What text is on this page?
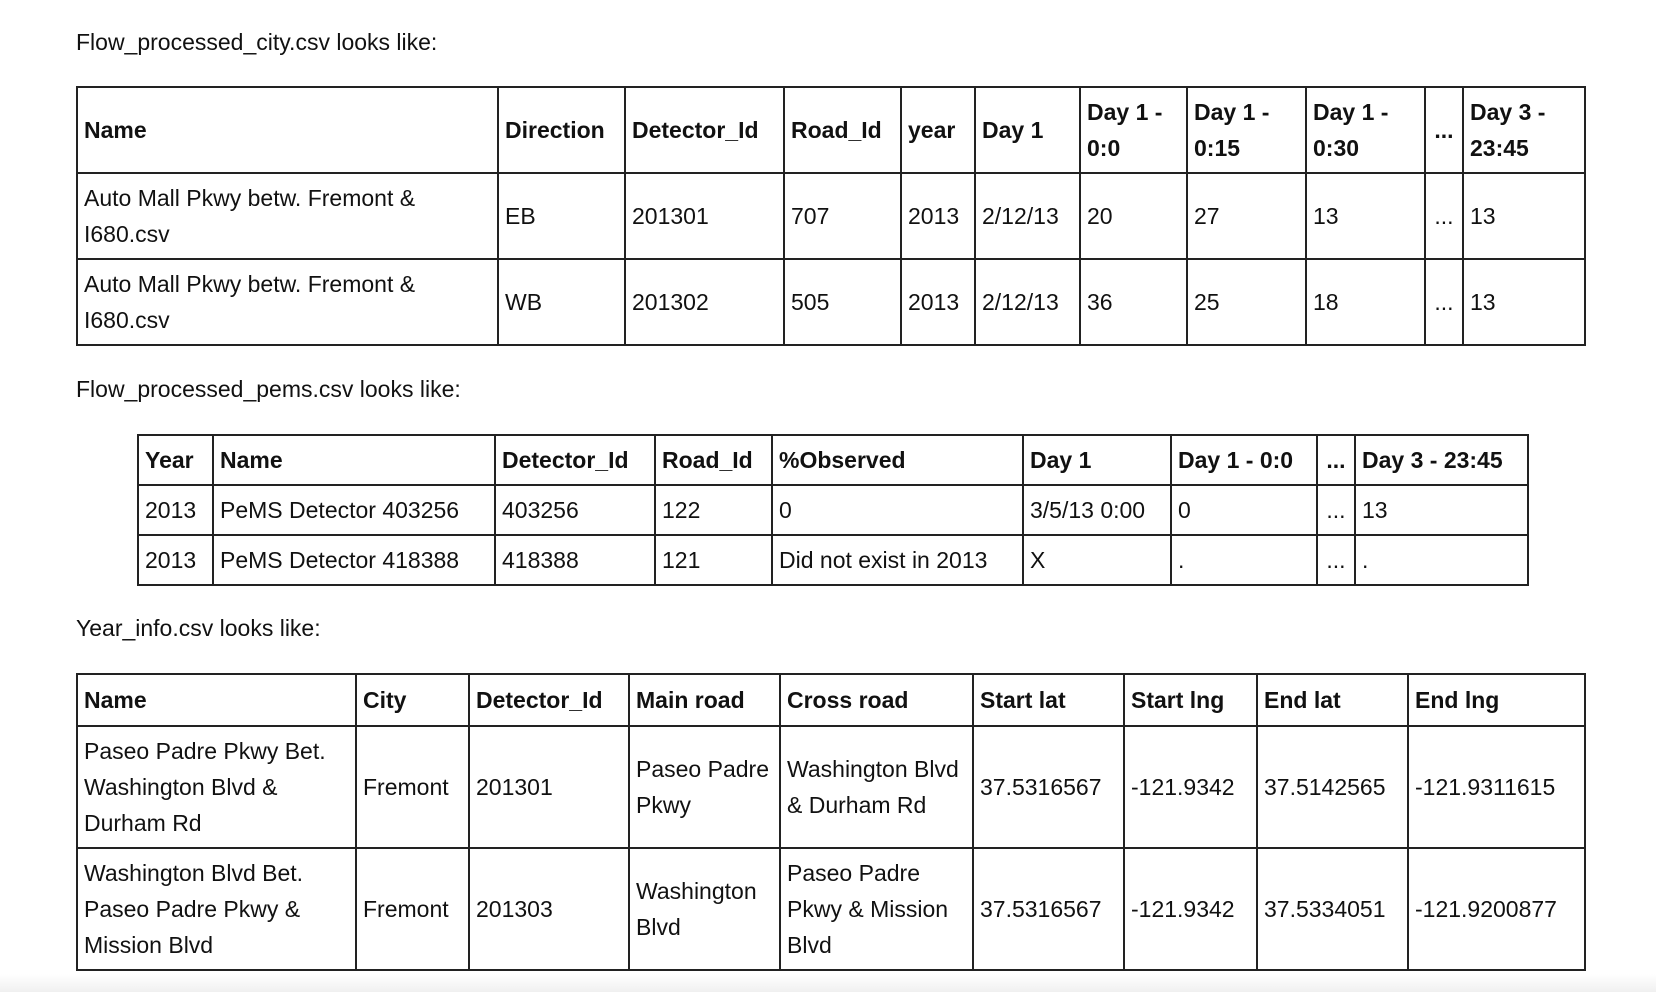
Flow_processed_city.csv looks like:
Name	Direction	Detector_Id	Road_Id	year	Day 1	Day 1 - 0:0	Day 1 - 0:15	Day 1 - 0:30	...	Day 3 - 23:45
Auto Mall Pkwy betw. Fremont & I680.csv	EB	201301	707	2013	2/12/13	20	27	13	...	13
Auto Mall Pkwy betw. Fremont & I680.csv	WB	201302	505	2013	2/12/13	36	25	18	...	13
Flow_processed_pems.csv looks like:
Year	Name	Detector_Id	Road_Id	%Observed	Day 1	Day 1 - 0:0	...	Day 3 - 23:45
2013	PeMS Detector 403256	403256	122	0	3/5/13 0:00	0	...	13
2013	PeMS Detector 418388	418388	121	Did not exist in 2013	X	.	...	.
Year_info.csv looks like:
Name	City	Detector_Id	Main road	Cross road	Start lat	Start lng	End lat	End lng
Paseo Padre Pkwy Bet. Washington Blvd & Durham Rd	Fremont	201301	Paseo Padre Pkwy	Washington Blvd & Durham Rd	37.5316567	-121.9342	37.5142565	-121.9311615
Washington Blvd Bet. Paseo Padre Pkwy & Mission Blvd	Fremont	201303	Washington Blvd	Paseo Padre Pkwy & Mission Blvd	37.5316567	-121.9342	37.5334051	-121.9200877
